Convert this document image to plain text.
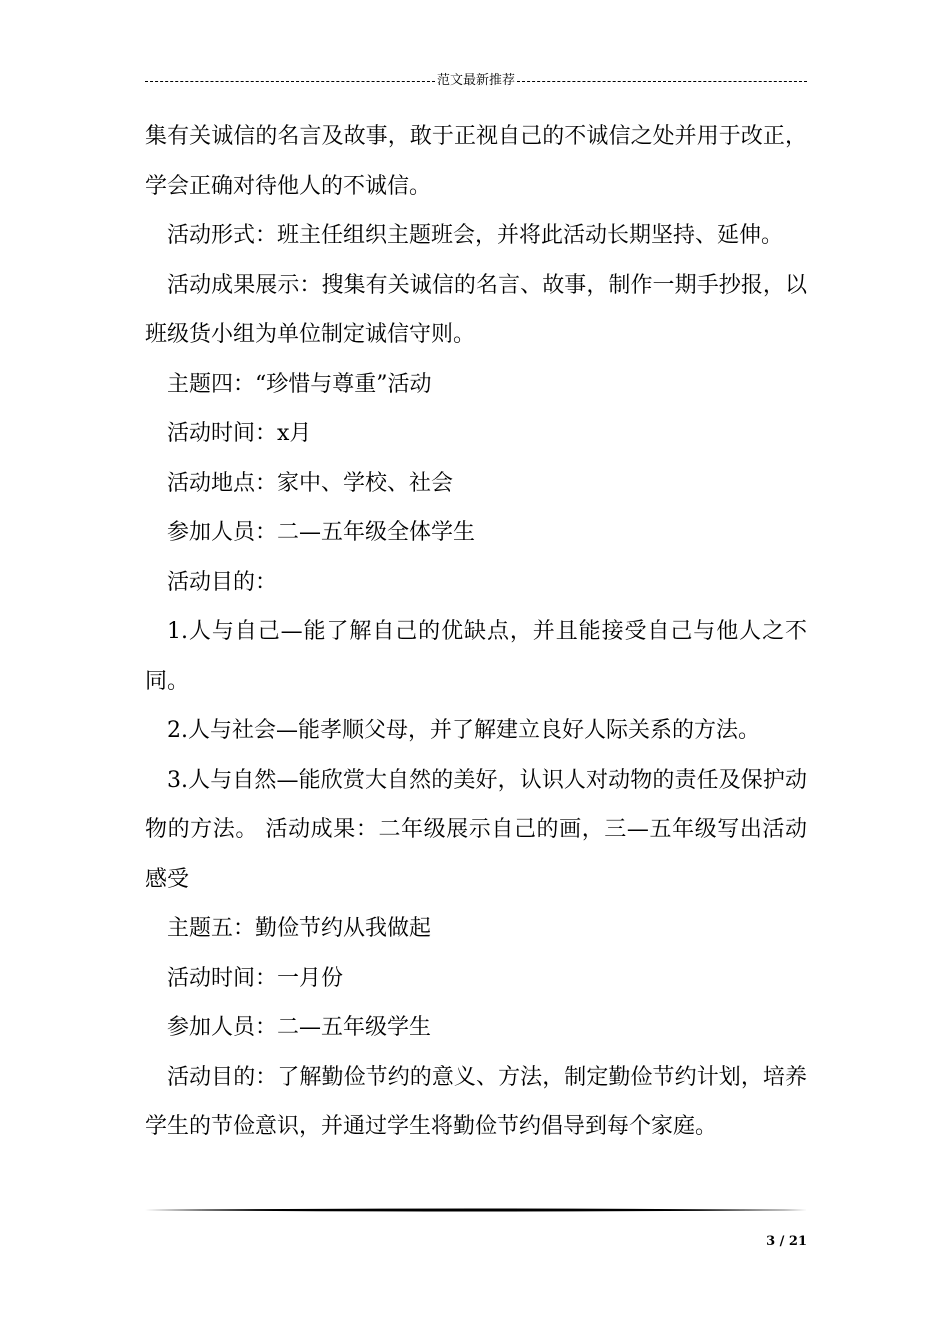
范文最新推荐

集有关诚信的名言及故事，敢于正视自己的不诚信之处并用于改正，学会正确对待他人的不诚信。

活动形式：班主任组织主题班会，并将此活动长期坚持、延伸。

活动成果展示：搜集有关诚信的名言、故事，制作一期手抄报，以班级货小组为单位制定诚信守则。

主题四：“珍惜与尊重”活动

活动时间：x月

活动地点：家中、学校、社会

参加人员：二—五年级全体学生

活动目的：

1.人与自己—能了解自己的优缺点，并且能接受自己与他人之不同。

2.人与社会—能孝顺父母，并了解建立良好人际关系的方法。

3.人与自然—能欣赏大自然的美好，认识人对动物的责任及保护动物的方法。 活动成果：二年级展示自己的画，三—五年级写出活动感受

主题五：勤俭节约从我做起

活动时间：一月份

参加人员：二—五年级学生

活动目的：了解勤俭节约的意义、方法，制定勤俭节约计划，培养学生的节俭意识，并通过学生将勤俭节约倡导到每个家庭。

3 / 21
